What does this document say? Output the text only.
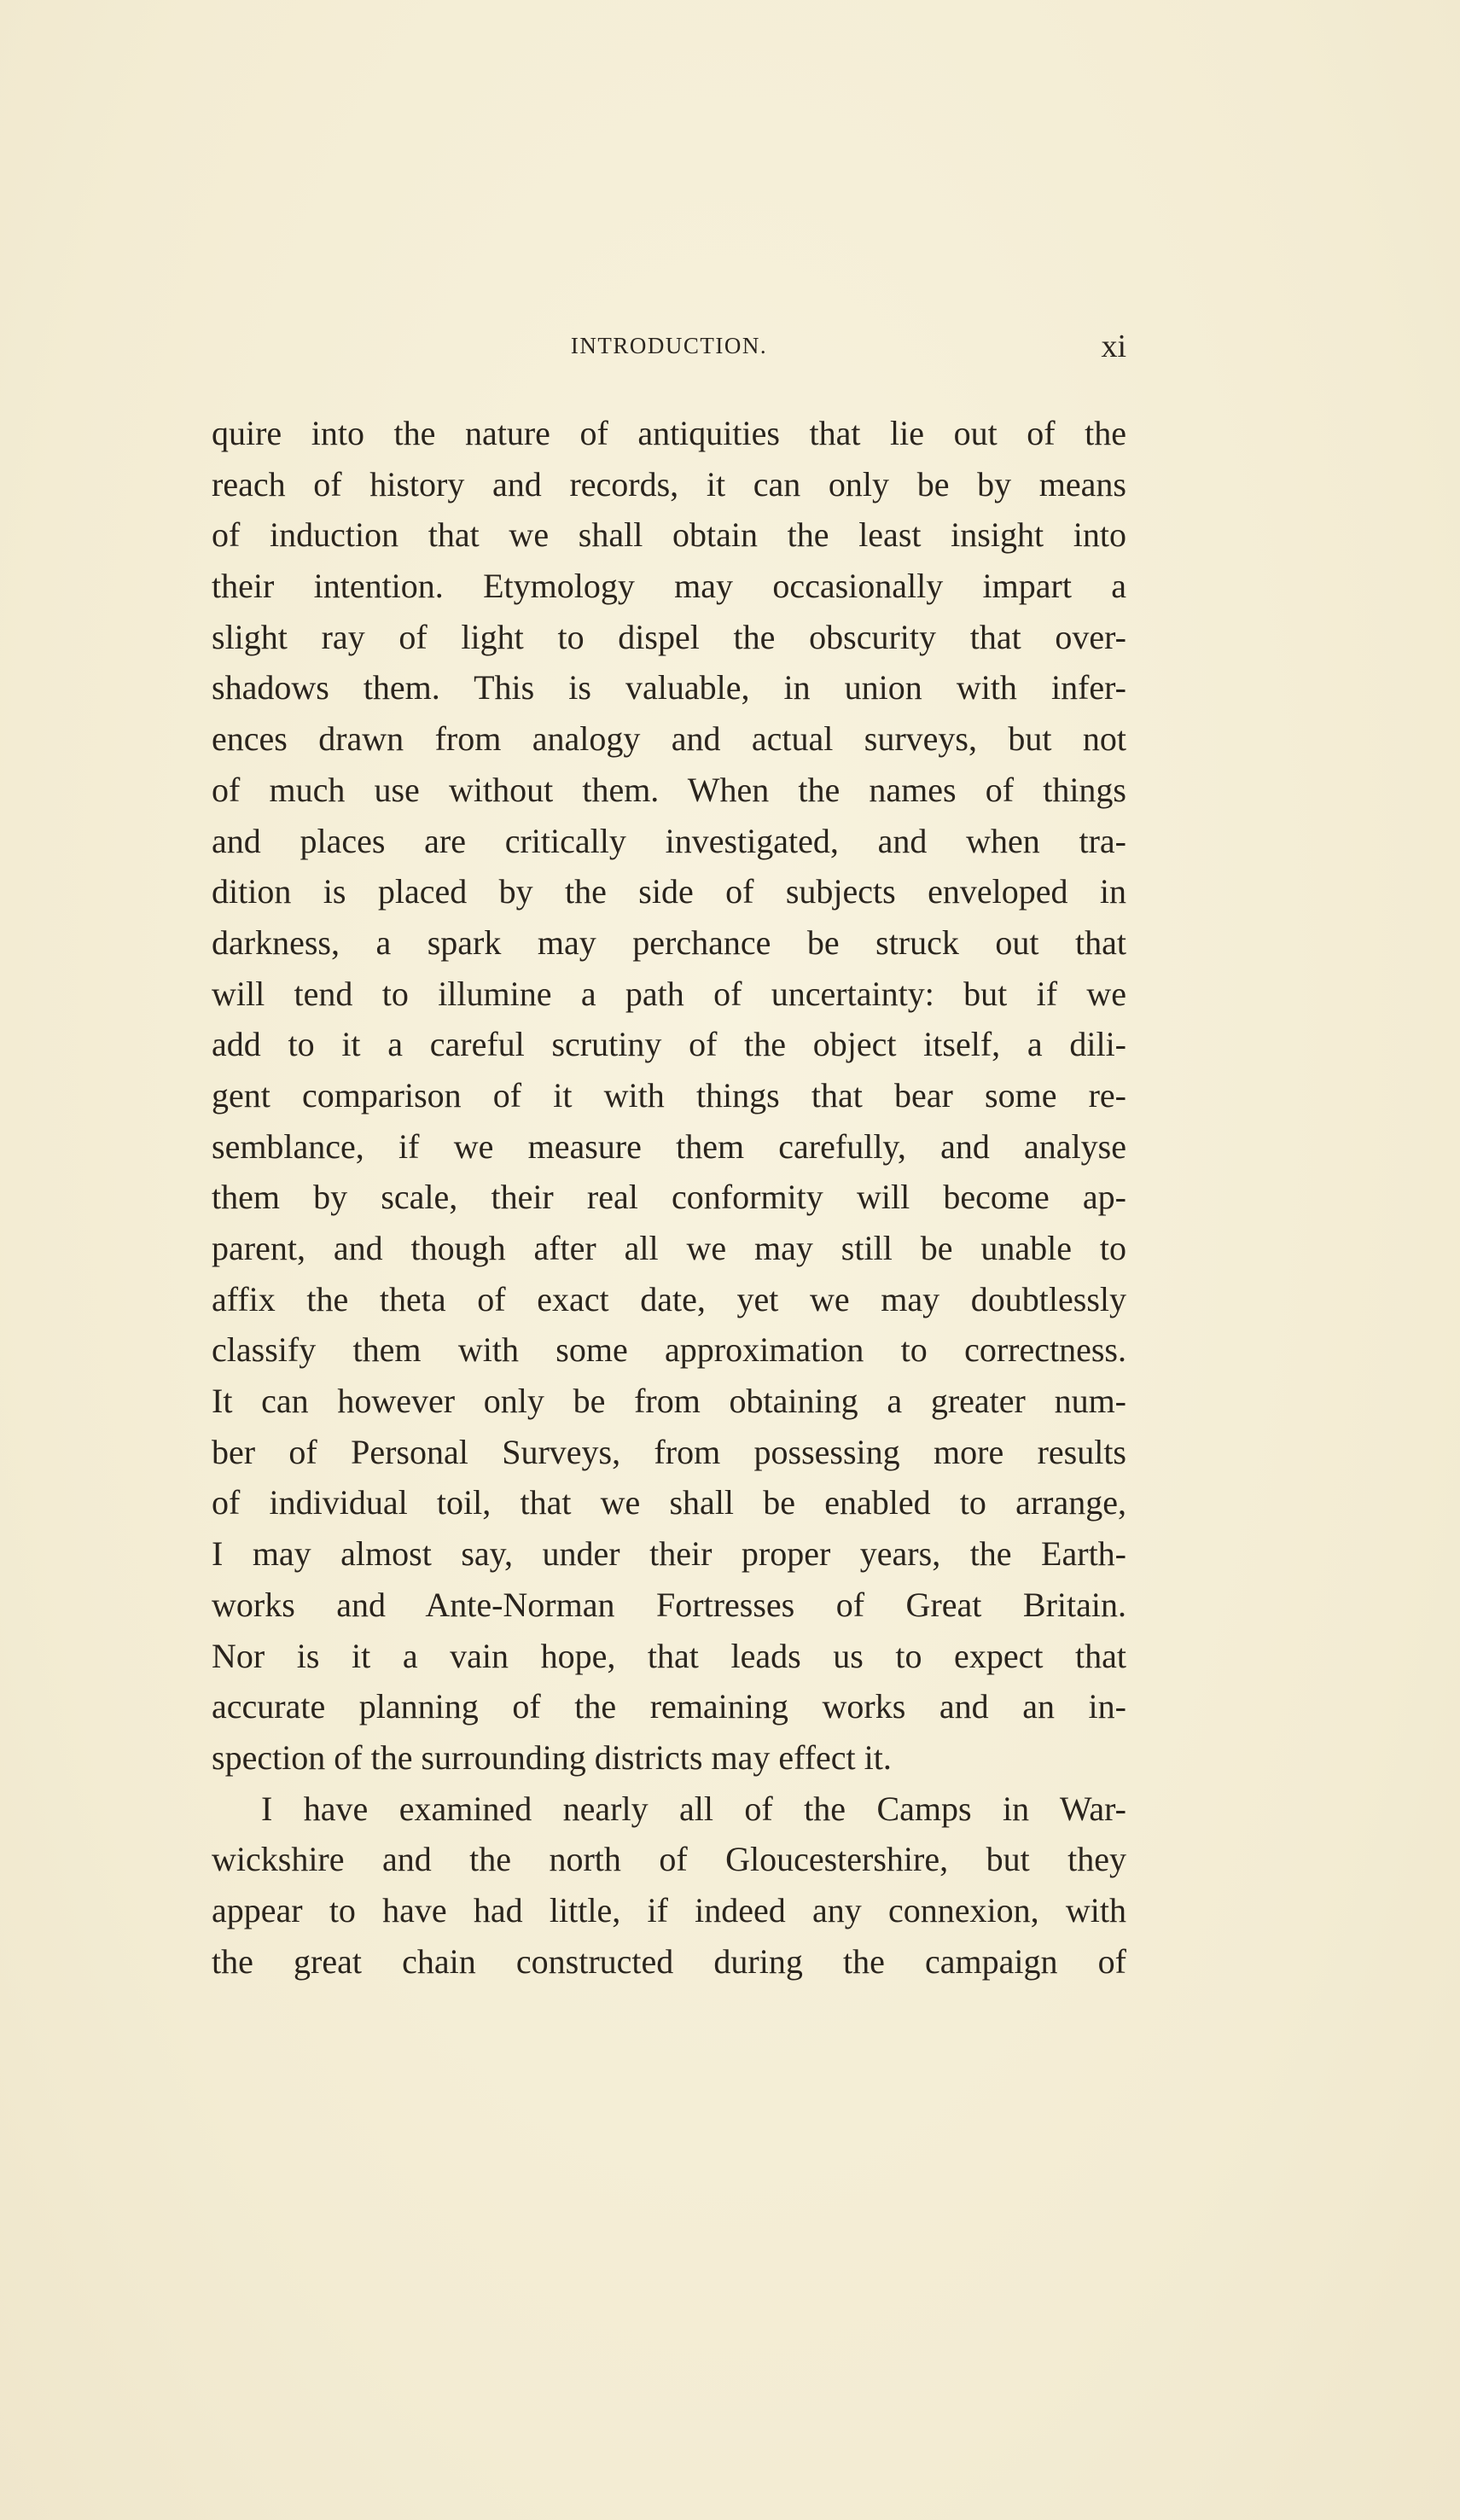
INTRODUCTION.	xi
quire into the nature of antiquities that lie out of the
reach of history and records, it can only be by means
of induction that we shall obtain the least insight into
their intention. Etymology may occasionally impart a
slight ray of light to dispel the obscurity that over-
shadows them. This is valuable, in union with infer-
ences drawn from analogy and actual surveys, but not
of much use without them. When the names of things
and places are critically investigated, and when tra-
dition is placed by the side of subjects enveloped in
darkness, a spark may perchance be struck out that
will tend to illumine a path of uncertainty: but if we
add to it a careful scrutiny of the object itself, a dili-
gent comparison of it with things that bear some re-
semblance, if we measure them carefully, and analyse
them by scale, their real conformity will become ap-
parent, and though after all we may still be unable to
affix the theta of exact date, yet we may doubtlessly
classify them with some approximation to correctness.
It can however only be from obtaining a greater num-
ber of Personal Surveys, from possessing more results
of individual toil, that we shall be enabled to arrange,
I may almost say, under their proper years, the Earth-
works and Ante-Norman Fortresses of Great Britain.
Nor is it a vain hope, that leads us to expect that
accurate planning of the remaining works and an in-
spection of the surrounding districts may effect it.
I have examined nearly all of the Camps in War-
wickshire and the north of Gloucestershire, but they
appear to have had little, if indeed any connexion, with
the great chain constructed during the campaign of
